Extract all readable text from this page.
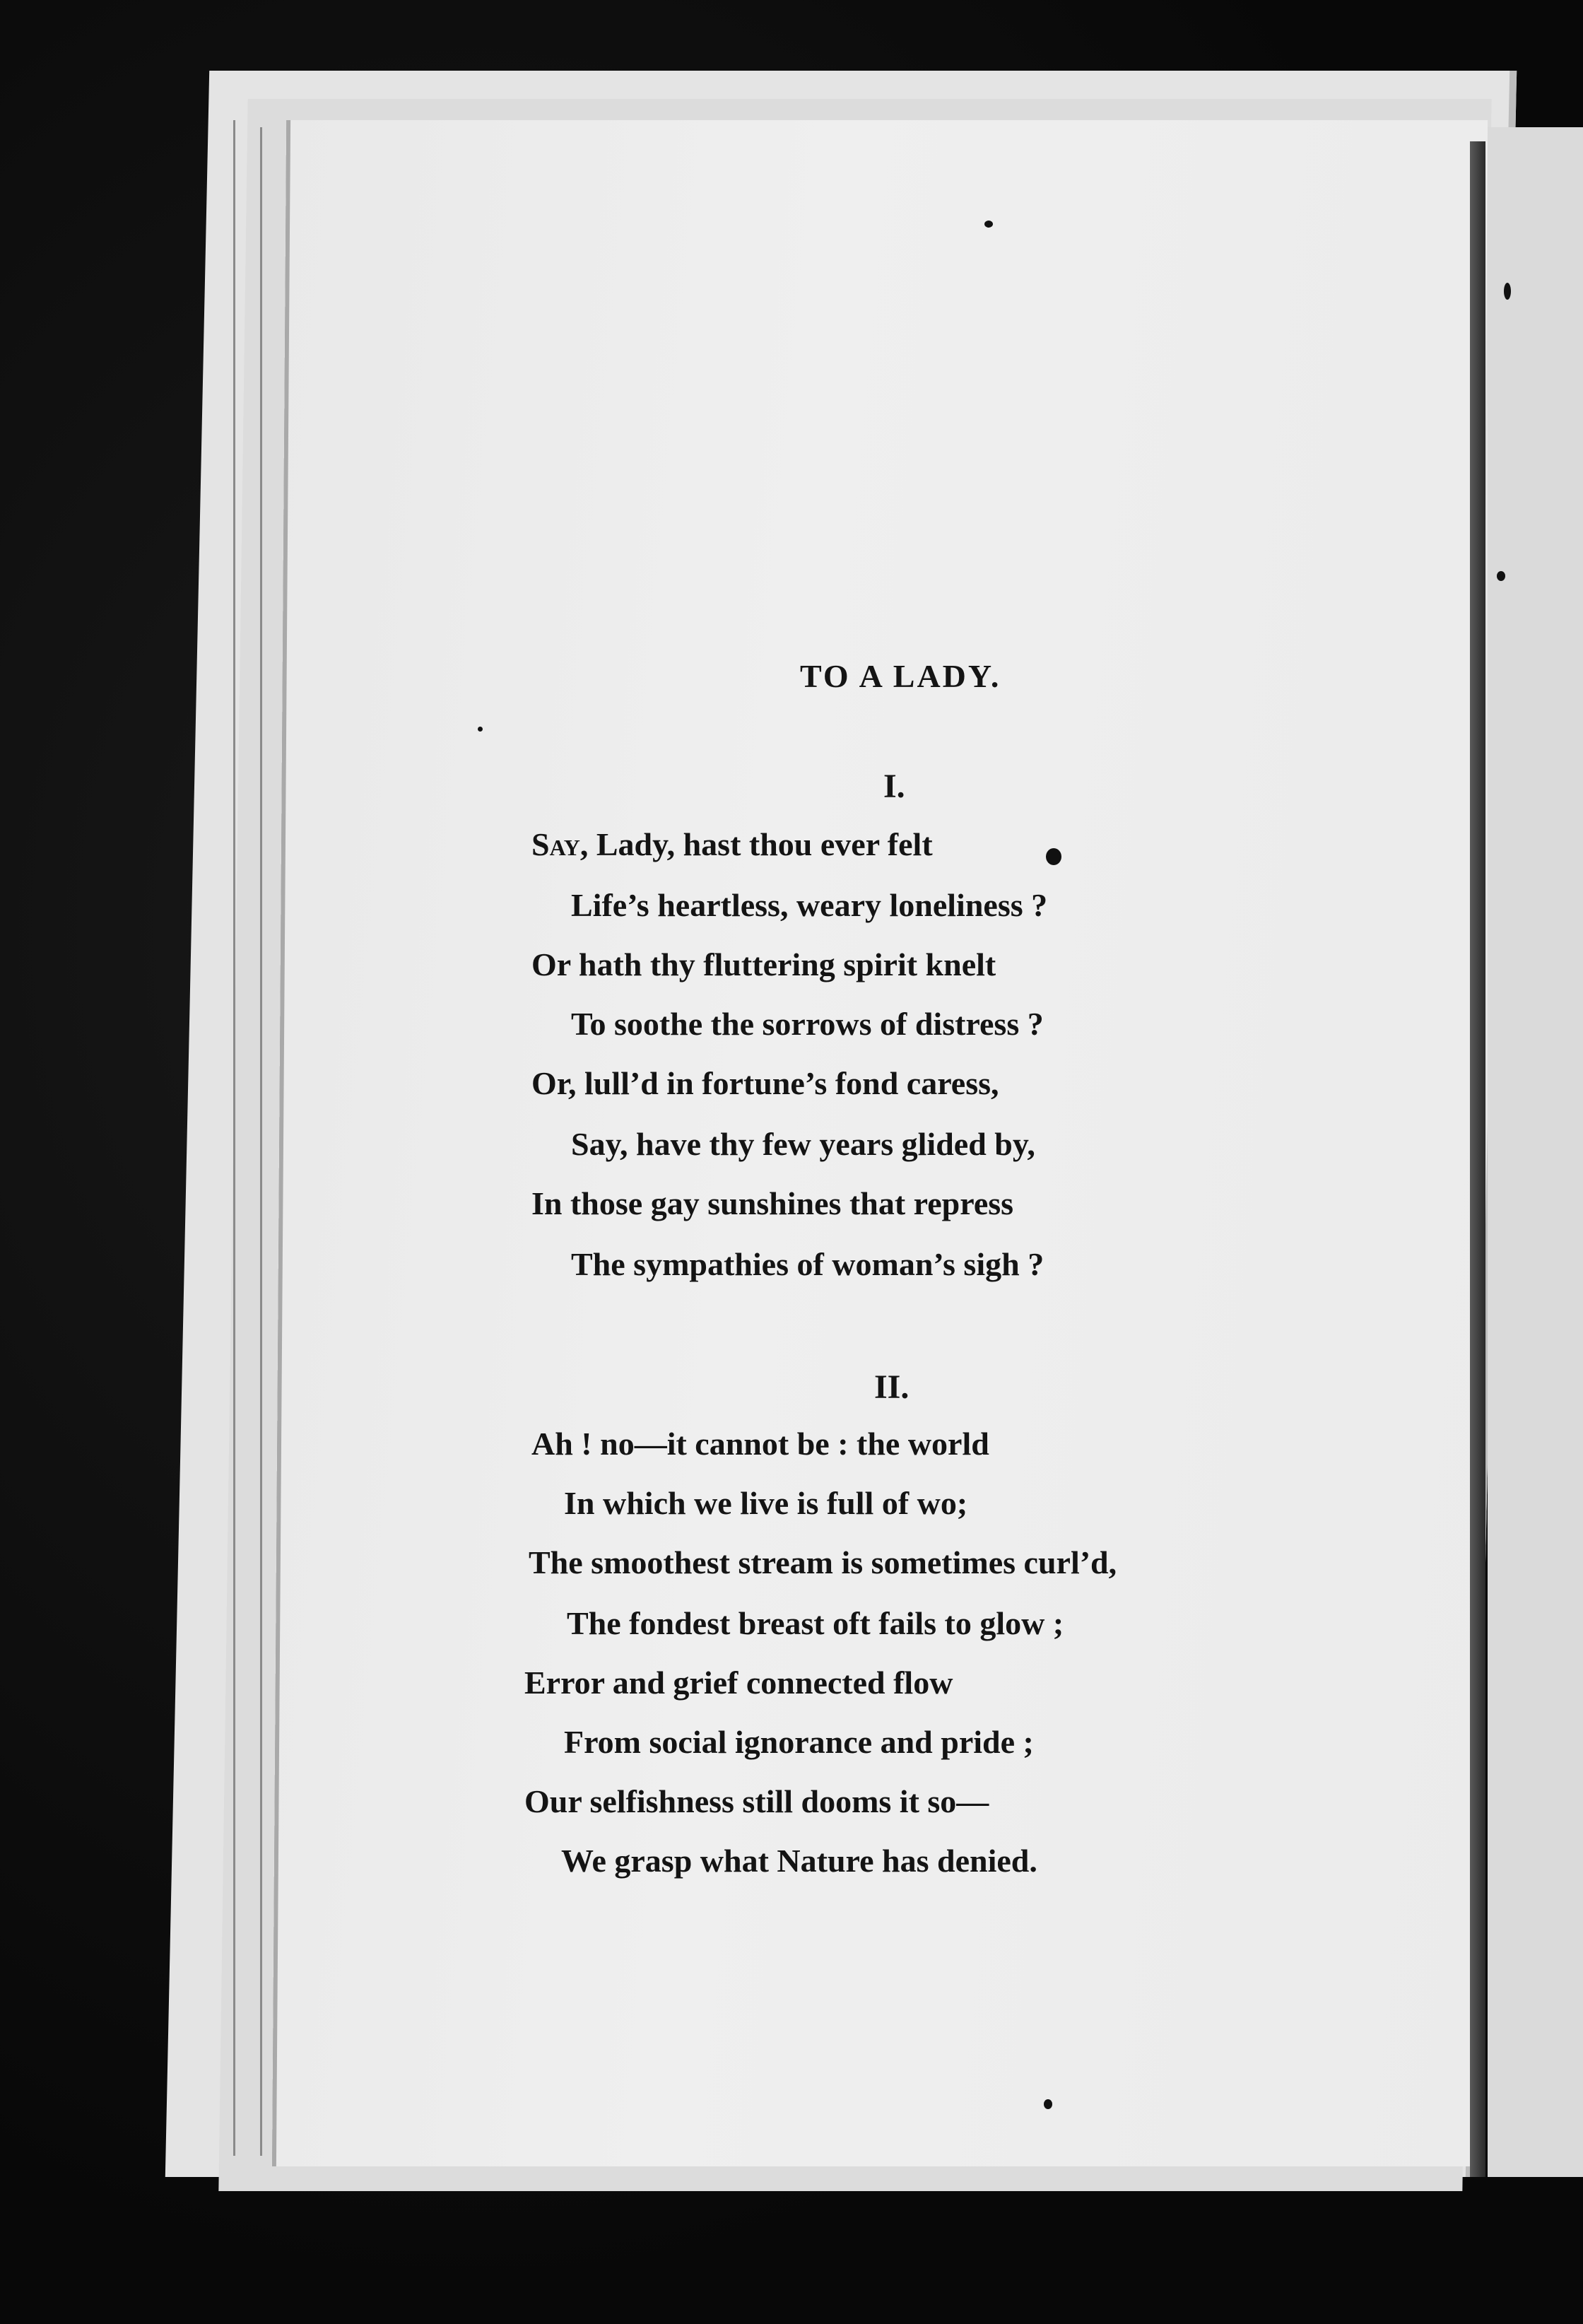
TO A LADY.
I.
Say, Lady, hast thou ever felt
Life’s heartless, weary loneliness ?
Or hath thy fluttering spirit knelt
To soothe the sorrows of distress ?
Or, lull’d in fortune’s fond caress,
Say, have thy few years glided by,
In those gay sunshines that repress
The sympathies of woman’s sigh ?
II.
Ah ! no—it cannot be : the world
In which we live is full of wo;
The smoothest stream is sometimes curl’d,
The fondest breast oft fails to glow ;
Error and grief connected flow
From social ignorance and pride ;
Our selfishness still dooms it so—
We grasp what Nature has denied.
